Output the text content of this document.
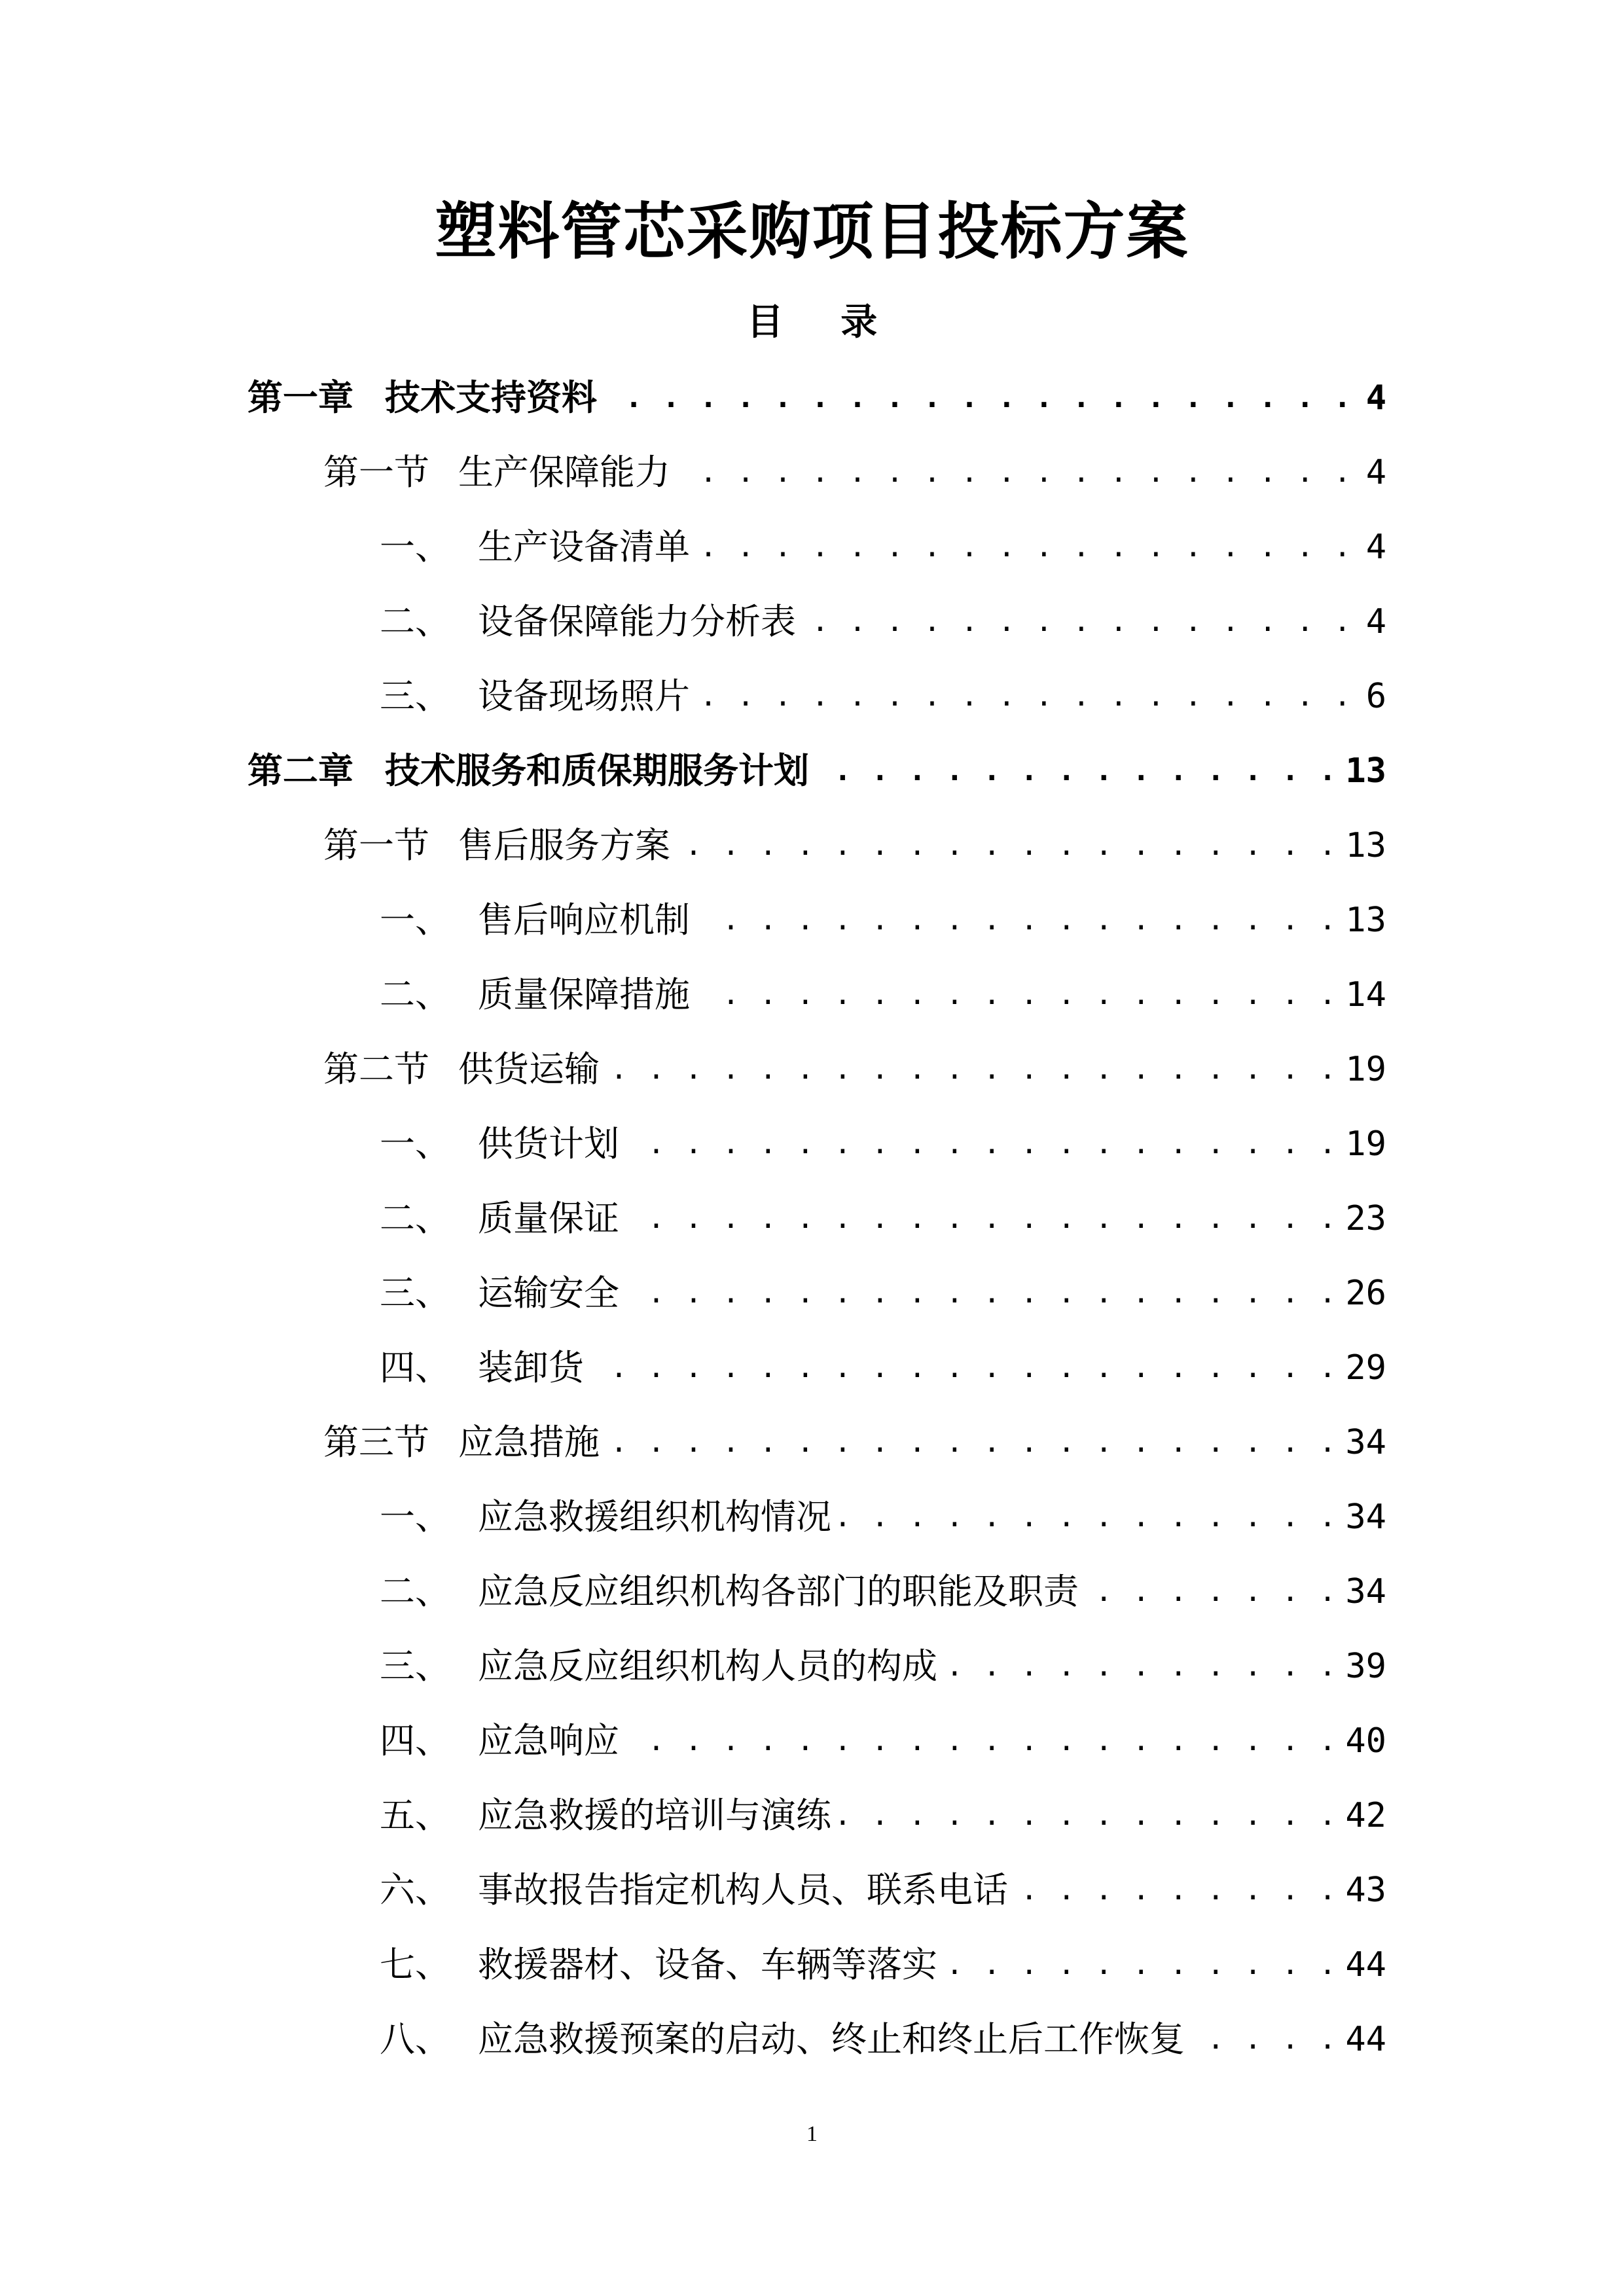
塑料管芯采购项目投标方案
目 录
第一章 技术支持资料 . . .	4
第一节 生产保障能力 . . .	4
一、 生产设备清单 . . .	4
二、 设备保障能力分析表 . . .	4
三、 设备现场照片 . . .	6
第二章 技术服务和质保期服务计划 . . .	13
第一节 售后服务方案 . . .	13
一、 售后响应机制 . . .	13
二、 质量保障措施 . . .	14
第二节 供货运输 . . .	19
一、 供货计划 . . .	19
二、 质量保证 . . .	23
三、 运输安全 . . .	26
四、 装卸货 . . .	29
第三节 应急措施 . . .	34
一、 应急救援组织机构情况 . . .	34
二、 应急反应组织机构各部门的职能及职责 . . .	34
三、 应急反应组织机构人员的构成 . . .	39
四、 应急响应 . . .	40
五、 应急救援的培训与演练 . . .	42
六、 事故报告指定机构人员、联系电话 . . .	43
七、 救援器材、设备、车辆等落实 . . .	44
八、 应急救援预案的启动、终止和终止后工作恢复 . . .	44
1
